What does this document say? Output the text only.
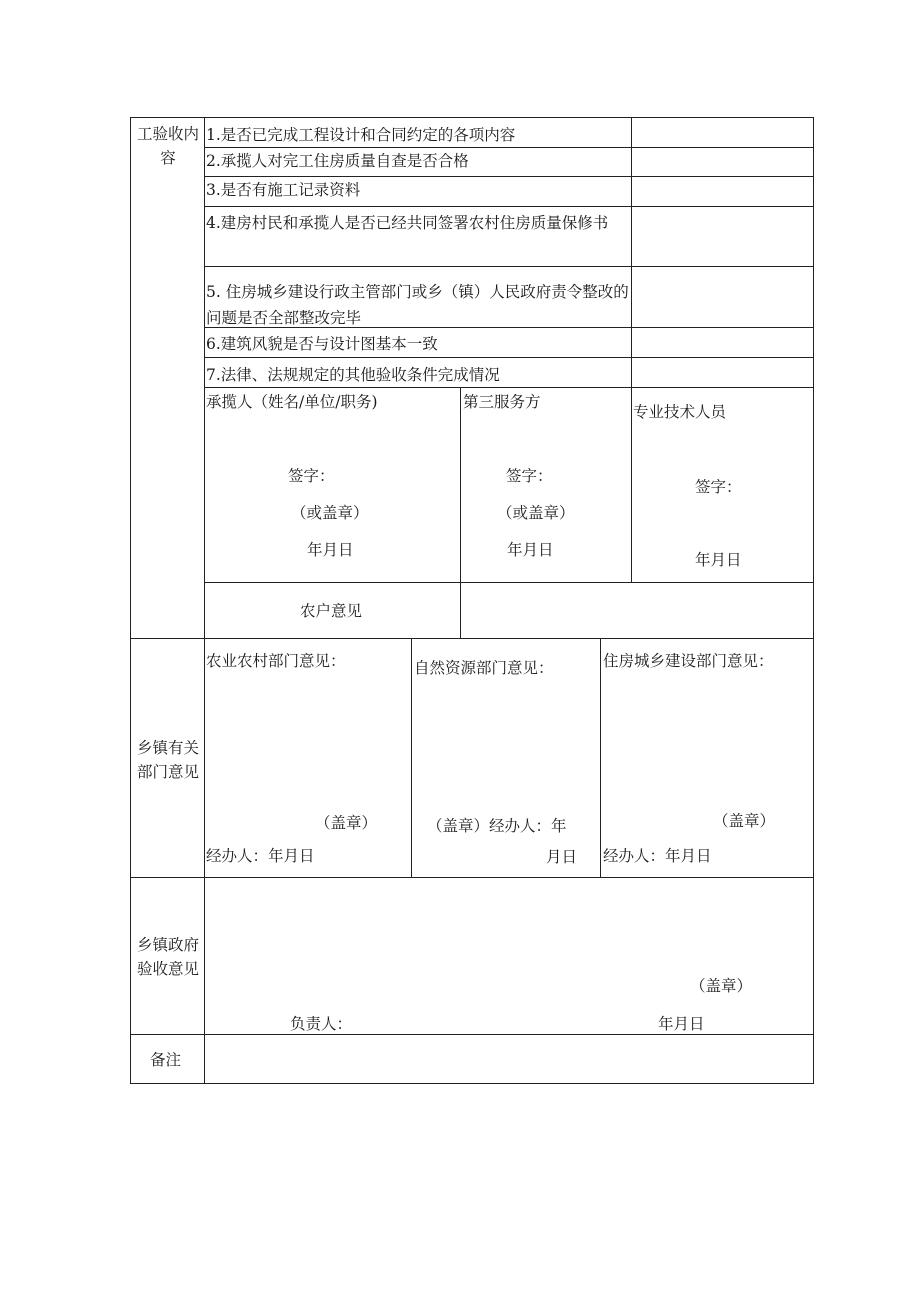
工验收内容
1.是否已完成工程设计和合同约定的各项内容
2.承揽人对完工住房质量自查是否合格
3.是否有施工记录资料
4.建房村民和承揽人是否已经共同签署农村住房质量保修书
5. 住房城乡建设行政主管部门或乡（镇）人民政府责令整改的问题是否全部整改完毕
6.建筑风貌是否与设计图基本一致
7.法律、法规规定的其他验收条件完成情况
承揽人（姓名/单位/职务)
签字：
（或盖章）
年月日
第三服务方
签字：
（或盖章）
年月日
专业技术人员
签字：
年月日
农户意见
乡镇有关部门意见
农业农村部门意见：
（盖章）
经办人：年月日
自然资源部门意见：
（盖章）经办人：年
月日
住房城乡建设部门意见：
（盖章）
经办人：年月日
乡镇政府验收意见
（盖章）
负责人：	年月日
备注
